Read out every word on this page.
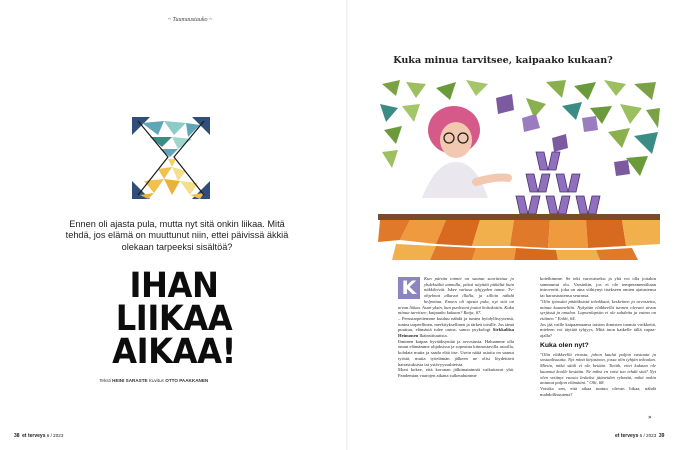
~ Tuumaustauko ~
Ennen oli ajasta pula, mutta nyt sitä onkin liikaa. Mitä tehdä, jos elämä on muuttunut niin, ettei päivissä äkkiä olekaan tarpeeksi sisältöä?
IHAN
LIIKAA
AIKAA!
Teksti HEINI SARASTE Kuvitus OTTO PAAKKANEN
38 et terveys 6 / 2023
Kuka minua tarvitsee, kaipaako kukaan?
K	Kun päivän toimet on saanut suoritettua jo yhdeksältä aamulla, päivä näyttää pitkältä kuin näkkileivät. Iskee vatiusa tyhjyyden tunne. Tv-ohjelmat alkavat illalla, ja silloin nähdä helpottaa. Ennen oli ajasta pula, nyt sitä on aivan liikaa. Asun yksin, kun puolisoni joutui hoitokotiin. Kuka minua tarvitsee, kaipaako kukaan? Raija, 67.

– Perustarpeitemme kuuluu nähdä ja tuntea hyödyllisyytensä, tuntea tarpeellinen, merkityksellinen ja tärkeä toisille. Jos tämä puuttuu, elämästä tulee ontoa, sanoo psykologi Sirkkaliisa Heimonen Ikäinstituutista.

Ihminen kaipaa byvääksyntää ja arvostusta. Haluamme olla oman elämämme ohjaksissa ja sopeutua kiinnostavilla asioilla, kohdata muita ja saada elää itse. Usein näitä asioita on saanut työstä, mutta työelämän jälkeen ne olisi löydettävä harrastuksista tai ystävyyssuhteista.

Moni kokee, että koronan jälkimaininnät vaikuttavat yhä. Pandemian vaarojen aikana sulkeuduimme

koteihimme. Se teki varovaiseksi ja yhä voi olla joitakin sammunut olo. Varsinkin, jos ei ole temperamentiltaan introvertti, joka on aina viihtynyt itsekseen omien ajatustensa tai harrastustensa seurassa.

"Olin työssäni päätöksistä tehokkaat, keskeinen ja arvostettu, minua kuunneltiin. Nykyään eläkkeellä tunnen olevani aivan syrjässä ja omalon. Lapsenlapsiin ei ole suhdetta ja vaimo on etäinen." Erkki, 64.

Jos jää vaille kaipaamaansa toisten ihmisten tuomia virikkeitä, mieleen voi täyttää tyhjyys. Mitä tuon kaikelle tällä vapaa-ajalla?

Kuka olen nyt?

"Olin eläkkeellä virasta, johon kuului paljon vastuuta ja sosiaalisuutta. Nyt minä kirjastoon, jossa olin tyhjän tekoalan. Mietin, mikä sääli ei ole ketään. Tietäh, ettei kukaan ole kuunnut koolle kestään. Ne miksi en voisi tuo tehdä sitä? Nyt olen vetänyt vuosia leskeksi jääneiden ryhmää, mikä onkin antanut paljon elämääni." Olli, 68.

Voisiko sen, että aikaa tuntuu olevan liikaa, nähdä mahdollisuutena?

»
et terveys 6 / 2023 39
